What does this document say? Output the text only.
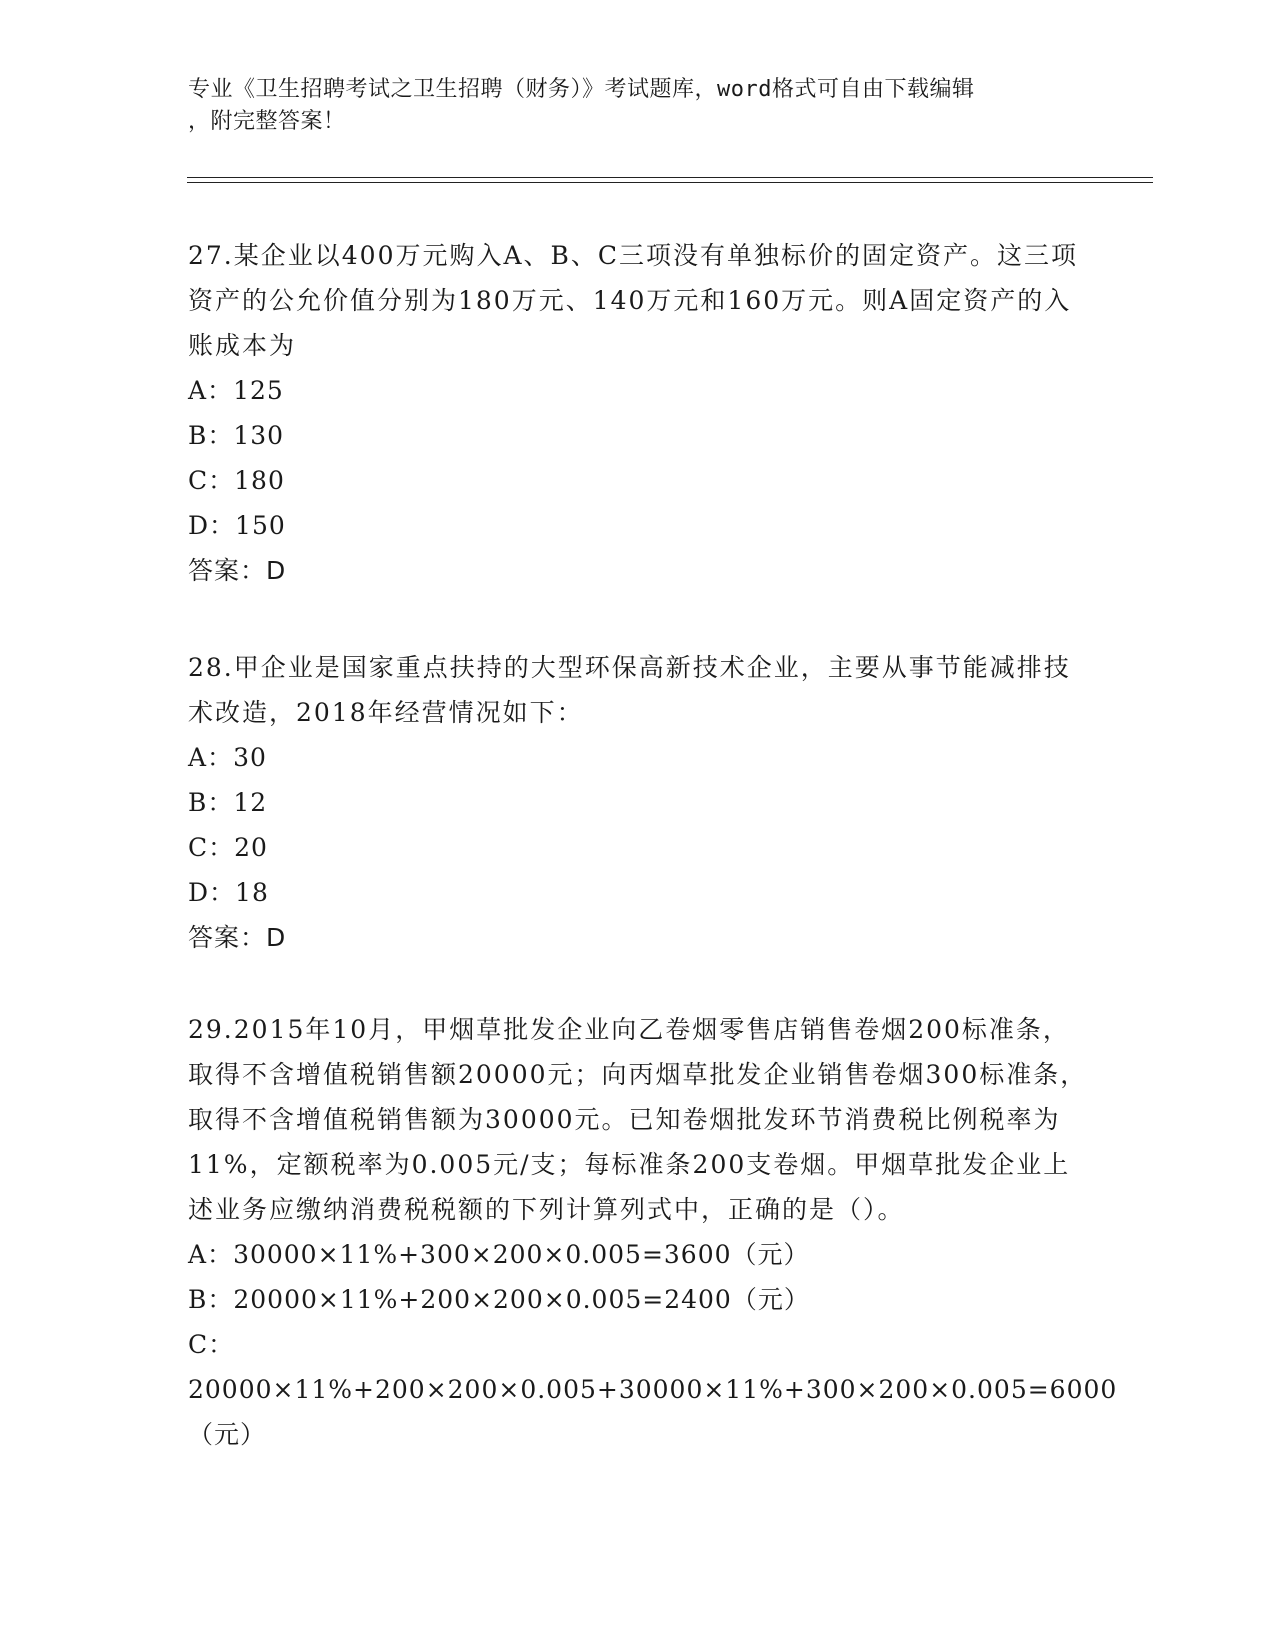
专业《卫生招聘考试之卫生招聘（财务）》考试题库，word格式可自由下载编辑
，附完整答案！
27.某企业以400万元购入A、B、C三项没有单独标价的固定资产。这三项资产的公允价值分别为180万元、140万元和160万元。则A固定资产的入账成本为
A：125
B：130
C：180
D：150
答案：D
28.甲企业是国家重点扶持的大型环保高新技术企业，主要从事节能减排技术改造，2018年经营情况如下：
A：30
B：12
C：20
D：18
答案：D
29.2015年10月，甲烟草批发企业向乙卷烟零售店销售卷烟200标准条，取得不含增值税销售额20000元；向丙烟草批发企业销售卷烟300标准条，取得不含增值税销售额为30000元。已知卷烟批发环节消费税比例税率为11%，定额税率为0.005元/支；每标准条200支卷烟。甲烟草批发企业上述业务应缴纳消费税税额的下列计算列式中，正确的是（）。
A：30000×11%+300×200×0.005=3600（元）
B：20000×11%+200×200×0.005=2400（元）
C：20000×11%+200×200×0.005+30000×11%+300×200×0.005=6000（元）
